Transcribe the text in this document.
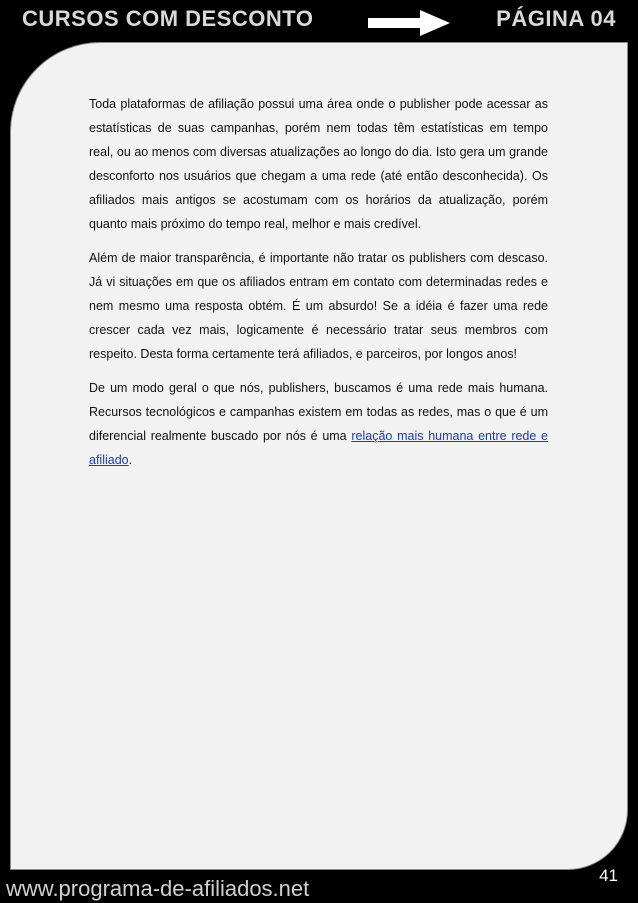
CURSOS COM DESCONTO	PÁGINA 04

Toda plataformas de afiliação possui uma área onde o publisher pode acessar as estatísticas de suas campanhas, porém nem todas têm estatísticas em tempo real, ou ao menos com diversas atualizações ao longo do dia. Isto gera um grande desconforto nos usuários que chegam a uma rede (até então desconhecida). Os afiliados mais antigos se acostumam com os horários da atualização, porém quanto mais próximo do tempo real, melhor e mais credível.

Além de maior transparência, é importante não tratar os publishers com descaso. Já vi situações em que os afiliados entram em contato com determinadas redes e nem mesmo uma resposta obtém. É um absurdo! Se a idéia é fazer uma rede crescer cada vez mais, logicamente é necessário tratar seus membros com respeito. Desta forma certamente terá afiliados, e parceiros, por longos anos!

De um modo geral o que nós, publishers, buscamos é uma rede mais humana. Recursos tecnológicos e campanhas existem em todas as redes, mas o que é um diferencial realmente buscado por nós é uma relação mais humana entre rede e afiliado.

41
www.programa-de-afiliados.net
